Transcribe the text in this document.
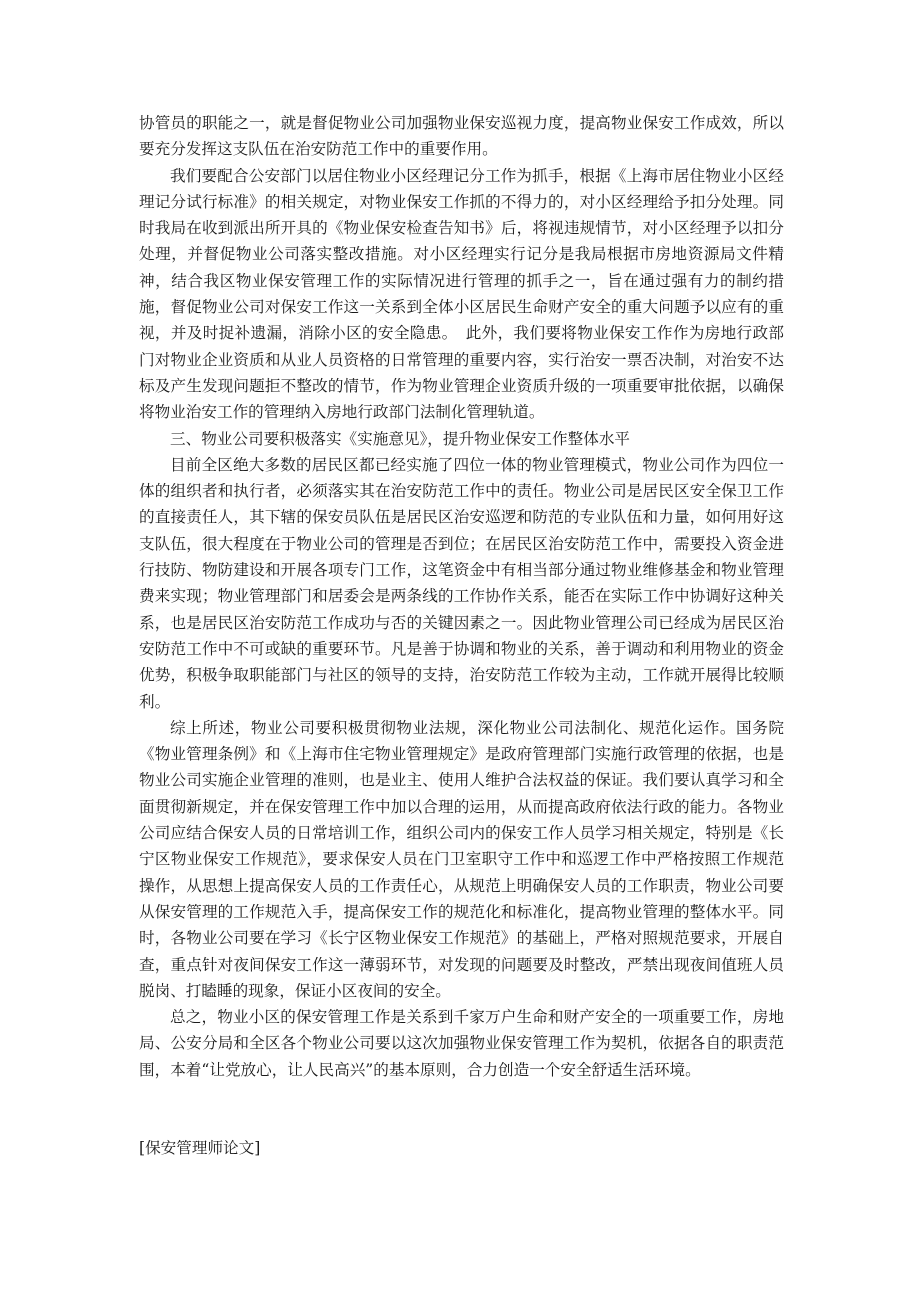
协管员的职能之一，就是督促物业公司加强物业保安巡视力度，提高物业保安工作成效，所以要充分发挥这支队伍在治安防范工作中的重要作用。

我们要配合公安部门以居住物业小区经理记分工作为抓手，根据《上海市居住物业小区经理记分试行标准》的相关规定，对物业保安工作抓的不得力的，对小区经理给予扣分处理。同时我局在收到派出所开具的《物业保安检查告知书》后，将视违规情节，对小区经理予以扣分处理，并督促物业公司落实整改措施。对小区经理实行记分是我局根据市房地资源局文件精神，结合我区物业保安管理工作的实际情况进行管理的抓手之一，旨在通过强有力的制约措施，督促物业公司对保安工作这一关系到全体小区居民生命财产安全的重大问题予以应有的重视，并及时捉补遗漏，消除小区的安全隐患。　此外，我们要将物业保安工作作为房地行政部门对物业企业资质和从业人员资格的日常管理的重要内容，实行治安一票否决制，对治安不达标及产生发现问题拒不整改的情节，作为物业管理企业资质升级的一项重要审批依据，以确保将物业治安工作的管理纳入房地行政部门法制化管理轨道。

三、物业公司要积极落实《实施意见》，提升物业保安工作整体水平

目前全区绝大多数的居民区都已经实施了四位一体的物业管理模式，物业公司作为四位一体的组织者和执行者，必须落实其在治安防范工作中的责任。物业公司是居民区安全保卫工作的直接责任人，其下辖的保安员队伍是居民区治安巡逻和防范的专业队伍和力量，如何用好这支队伍，很大程度在于物业公司的管理是否到位；在居民区治安防范工作中，需要投入资金进行技防、物防建设和开展各项专门工作，这笔资金中有相当部分通过物业维修基金和物业管理费来实现；物业管理部门和居委会是两条线的工作协作关系，能否在实际工作中协调好这种关系，也是居民区治安防范工作成功与否的关键因素之一。因此物业管理公司已经成为居民区治安防范工作中不可或缺的重要环节。凡是善于协调和物业的关系，善于调动和利用物业的资金优势，积极争取职能部门与社区的领导的支持，治安防范工作较为主动，工作就开展得比较顺利。

综上所述，物业公司要积极贯彻物业法规，深化物业公司法制化、规范化运作。国务院《物业管理条例》和《上海市住宅物业管理规定》是政府管理部门实施行政管理的依据，也是物业公司实施企业管理的准则，也是业主、使用人维护合法权益的保证。我们要认真学习和全面贯彻新规定，并在保安管理工作中加以合理的运用，从而提高政府依法行政的能力。各物业公司应结合保安人员的日常培训工作，组织公司内的保安工作人员学习相关规定，特别是《长宁区物业保安工作规范》，要求保安人员在门卫室职守工作中和巡逻工作中严格按照工作规范操作，从思想上提高保安人员的工作责任心，从规范上明确保安人员的工作职责，物业公司要从保安管理的工作规范入手，提高保安工作的规范化和标准化，提高物业管理的整体水平。同时，各物业公司要在学习《长宁区物业保安工作规范》的基础上，严格对照规范要求，开展自查，重点针对夜间保安工作这一薄弱环节，对发现的问题要及时整改，严禁出现夜间值班人员脱岗、打瞌睡的现象，保证小区夜间的安全。

总之，物业小区的保安管理工作是关系到千家万户生命和财产安全的一项重要工作，房地局、公安分局和全区各个物业公司要以这次加强物业保安管理工作为契机，依据各自的职责范围，本着“让党放心，让人民高兴”的基本原则，合力创造一个安全舒适生活环境。

[保安管理师论文]
